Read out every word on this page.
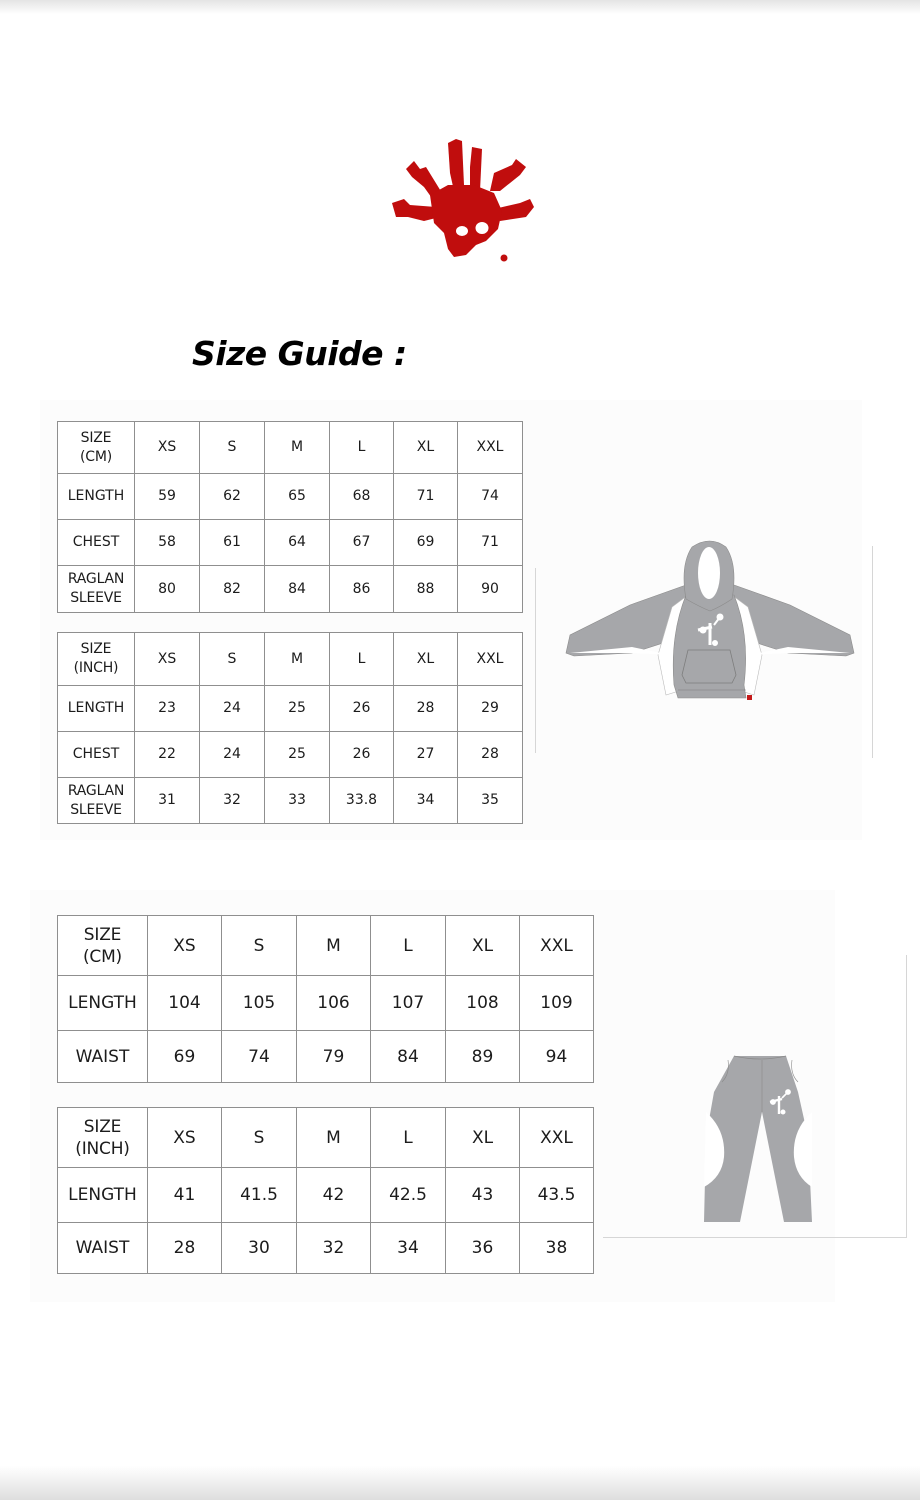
Size Guide :
SIZE
(CM)	XS	S	M	L	XL	XXL
LENGTH	59	62	65	68	71	74
CHEST	58	61	64	67	69	71

RAGLAN
SLEEVE	80	82	84	86	88	90
SIZE
(INCH)	XS	S	M	L	XL	XXL
LENGTH	23	24	25	26	28	29
CHEST	22	24	25	26	27	28

RAGLAN
SLEEVE	31	32	33	33.8	34	35
SIZE
(CM)	XS	S	M	L	XL	XXL
LENGTH	104	105	106	107	108	109
WAIST	69	74	79	84	89	94
SIZE
(INCH)	XS	S	M	L	XL	XXL
LENGTH	41	41.5	42	42.5	43	43.5
WAIST	28	30	32	34	36	38
